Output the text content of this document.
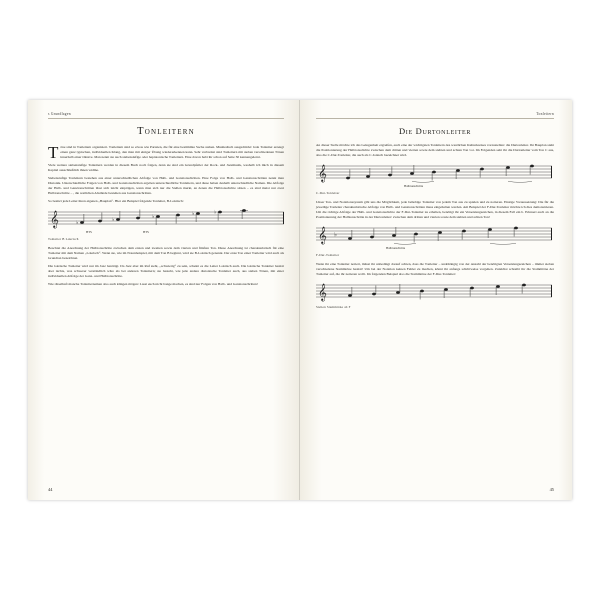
s Grundlagen
Tonleitern
T öne sind in Tonleitern organisiert. Tonleitern sind so etwas wie Parteien, die für eine bestimmte Sache stehen. Musikalisch ausgedrückt: Jede Tonleiter erzeugt einen ganz typischen, individuellen Klang, den man mit einiger Übung wiedererkennen kann. Sehr verbreitet sind Tonleitern mit sieben verschiedenen Tönen innerhalb einer Oktave. Man nennt sie auch siebenstufige oder heptatonische Tonleitern. Eine davon habt ihr schon auf Seite 30 kennengelernt.

Viele weitere siebenstufige Tonleitern werden in diesem Buch noch folgen, denn sie sind ein Grundpfeiler der Rock- und Jazzmusik, weshalb ich mich in diesem Kapitel ausschließlich ihnen widme.

Siebenstufige Tonleitern bestehen aus einer unterschiedlichen Abfolge von Halb- und Ganztonschritten. Eine Folge von Halb- und Ganztonschritten nennt man Diatonik. Unterschiedliche Folgen von Halb- und Ganztonschritten ergeben unterschiedliche Tonleitern, und diese haben deshalb unterschiedliche Namen. Die Abfolge der Halb- und Ganztonschritten lässt sich leicht einprägen, wenn man sich nur die Stellen merkt, an denen die Halbtonschritte sitzen – es sind meist nur zwei Halbtonschritte – , die restlichen Abstände bestehen aus Ganztonschritten.

So besitzt jede Leiter ihren eigenen „Bauplan“. Hier ein Beispiel folgende Tonleiter, B-Lokrisch:

𝄞	♭	♭	♭	♭	♭
HTS	HTS
Tonleiter B Lokrisch

Beachtet die Anordnung der Halbtonschritte zwischen dem ersten und zweiten sowie dem vierten und fünften Ton. Diese Anordnung ist charakteristisch für eine Tonleiter mit dem Namen „Lokrisch“. Wenn sie, wie im Notenbeispiel, mit dem Ton B beginnt, wird sie B-Lokrisch genannt. Der erste Ton einer Tonleiter wird auch als Grundton bezeichnet.

Die lokrische Tonleiter wird nur im Jazz benötigt. Da Jazz aber im Ruf steht, „schwierig“ zu sein, scheint es die Leiter Lokrisch auch. Die lokrische Tonleiter besitzt aber nichts, was schwerer verständlich wäre als bei anderen Tonleitern; sie besteht, wie jede andere diatonische Tonleiter auch, aus sieben Tönen, mit einer individuellen Abfolge der Ganz- und Halbtonschritte.

Wie rätselhaft manche Tonleiternamen also auch klingen mögen: Lasst euch nicht bange machen, es sind nur Folgen von Halb- und Ganztonschritten!

44
Tonleitern
Die Durtonleiter

An dieser Stelle möchte ich das Gelegenheit ergreifen, euch eine der wichtigsten Tonleitern des westlichen Kulturkreises vorzustellen: die Durtonleiter. Ihr Bauplan sieht die Positionierung der Halbtonschritte zwischen dem dritten und vierten sowie dem siebten und achten Ton vor. Im Folgenden seht ihr die Durtonleiter vom Ton C aus, also die C-Dur-Tonleiter, die auch als C-Ionisch bezeichnet wird.

𝄞
Halbtonschritte
C-Dur-Tonleiter

Unser Ton- und Notationssystem gibt uns die Möglichkeit, jede beliebige Tonleiter von jedem Ton aus zu spielen und zu notieren. Einzige Voraussetzung: Die für die jeweilige Tonleiter charakteristische Abfolge von Halb- und Ganztonschritten muss eingehalten werden. Am Beispiel der F-Dur-Tonleiter möchte ich dies demonstrieren. Um die richtige Abfolge der Halb- und Ganztonschritte der F-Dur-Tonleiter zu erhalten, benötigt ihr ein Versetzungszeichen, in diesem Fall ein b. Erinnert euch an die Positionierung der Halbtonschritte in der Durtonleiter: zwischen dem dritten und vierten sowie dem siebten und achten Ton!

𝄞 ♭
Halbtonschritte
F-Dur-Tonleiter

Wenn ihr eine Tonleiter notiert, müsst ihr unbedingt darauf achten, dass die Tonleiter – unabhängig von der Anzahl der benötigten Versetzungszeichen – immer sieben verschiedene Stammtöne besitzt! Um bei der Notation keinen Fehler zu machen, könnt ihr anfangs schrittweise vorgehen. Zunächst schreibt ihr die Stammtöne der Tonleiter auf, die ihr notieren wollt. Im folgenden Beispiel also die Stammtöne der F-Dur-Tonleiter:

𝄞
Sieben Stammtöne ab F
45
